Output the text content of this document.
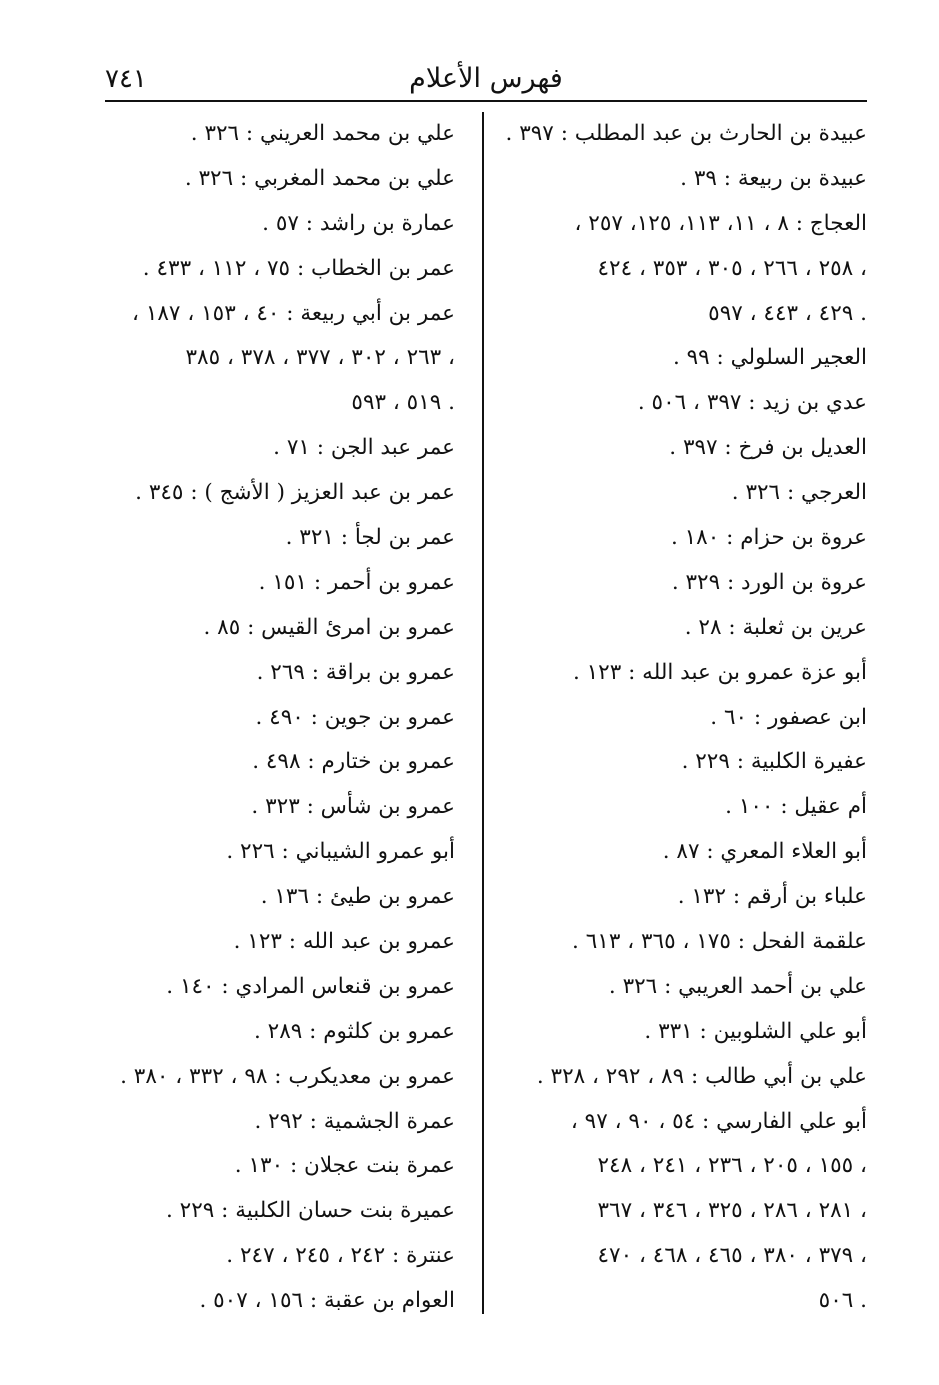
فهرس الأعلام
٧٤١
عبيدة بن الحارث بن عبد المطلب : ٣٩٧ .
عبيدة بن ربيعة : ٣٩ .
العجاج : ٨ ، ١١، ١١٣، ١٢٥، ٢٥٧ ،
٢٥٨ ، ٢٦٦ ، ٣٠٥ ، ٣٥٣ ، ٤٢٤ ،
٤٢٩ ، ٤٤٣ ، ٥٩٧ .
العجير السلولي : ٩٩ .
عدي بن زيد : ٣٩٧ ، ٥٠٦ .
العديل بن فرخ : ٣٩٧ .
العرجي : ٣٢٦ .
عروة بن حزام : ١٨٠ .
عروة بن الورد : ٣٢٩ .
عرين بن ثعلبة : ٢٨ .
أبو عزة عمرو بن عبد الله : ١٢٣ .
ابن عصفور : ٦٠ .
عفيرة الكلبية : ٢٢٩ .
أم عقيل : ١٠٠ .
أبو العلاء المعري : ٨٧ .
علباء بن أرقم : ١٣٢ .
علقمة الفحل : ١٧٥ ، ٣٦٥ ، ٦١٣ .
علي بن أحمد العريبي : ٣٢٦ .
أبو علي الشلوبين : ٣٣١ .
علي بن أبي طالب : ٨٩ ، ٢٩٢ ، ٣٢٨ .
أبو علي الفارسي : ٥٤ ، ٩٠ ، ٩٧ ،
١٥٥ ، ٢٠٥ ، ٢٣٦ ، ٢٤١ ، ٢٤٨ ،
٢٨١ ، ٢٨٦ ، ٣٢٥ ، ٣٤٦ ، ٣٦٧ ،
٣٧٩ ، ٣٨٠ ، ٤٦٥ ، ٤٦٨ ، ٤٧٠ ،
٥٠٦ .
علي بن محمد العريني : ٣٢٦ .
علي بن محمد المغربي : ٣٢٦ .
عمارة بن راشد : ٥٧ .
عمر بن الخطاب : ٧٥ ، ١١٢ ، ٤٣٣ .
عمر بن أبي ربيعة : ٤٠ ، ١٥٣ ، ١٨٧ ،
٢٦٣ ، ٣٠٢ ، ٣٧٧ ، ٣٧٨ ، ٣٨٥ ،
٥١٩ ، ٥٩٣ .
عمر عبد الجن : ٧١ .
عمر بن عبد العزيز ( الأشج ) : ٣٤٥ .
عمر بن لجأ : ٣٢١ .
عمرو بن أحمر : ١٥١ .
عمرو بن امرئ القيس : ٨٥ .
عمرو بن براقة : ٢٦٩ .
عمرو بن جوين : ٤٩٠ .
عمرو بن ختارم : ٤٩٨ .
عمرو بن شأس : ٣٢٣ .
أبو عمرو الشيباني : ٢٢٦ .
عمرو بن طيئ : ١٣٦ .
عمرو بن عبد الله : ١٢٣ .
عمرو بن قنعاس المرادي : ١٤٠ .
عمرو بن كلثوم : ٢٨٩ .
عمرو بن معديكرب : ٩٨ ، ٣٣٢ ، ٣٨٠ .
عمرة الجشمية : ٢٩٢ .
عمرة بنت عجلان : ١٣٠ .
عميرة بنت حسان الكلبية : ٢٢٩ .
عنترة : ٢٤٢ ، ٢٤٥ ، ٢٤٧ .
العوام بن عقبة : ١٥٦ ، ٥٠٧ .
